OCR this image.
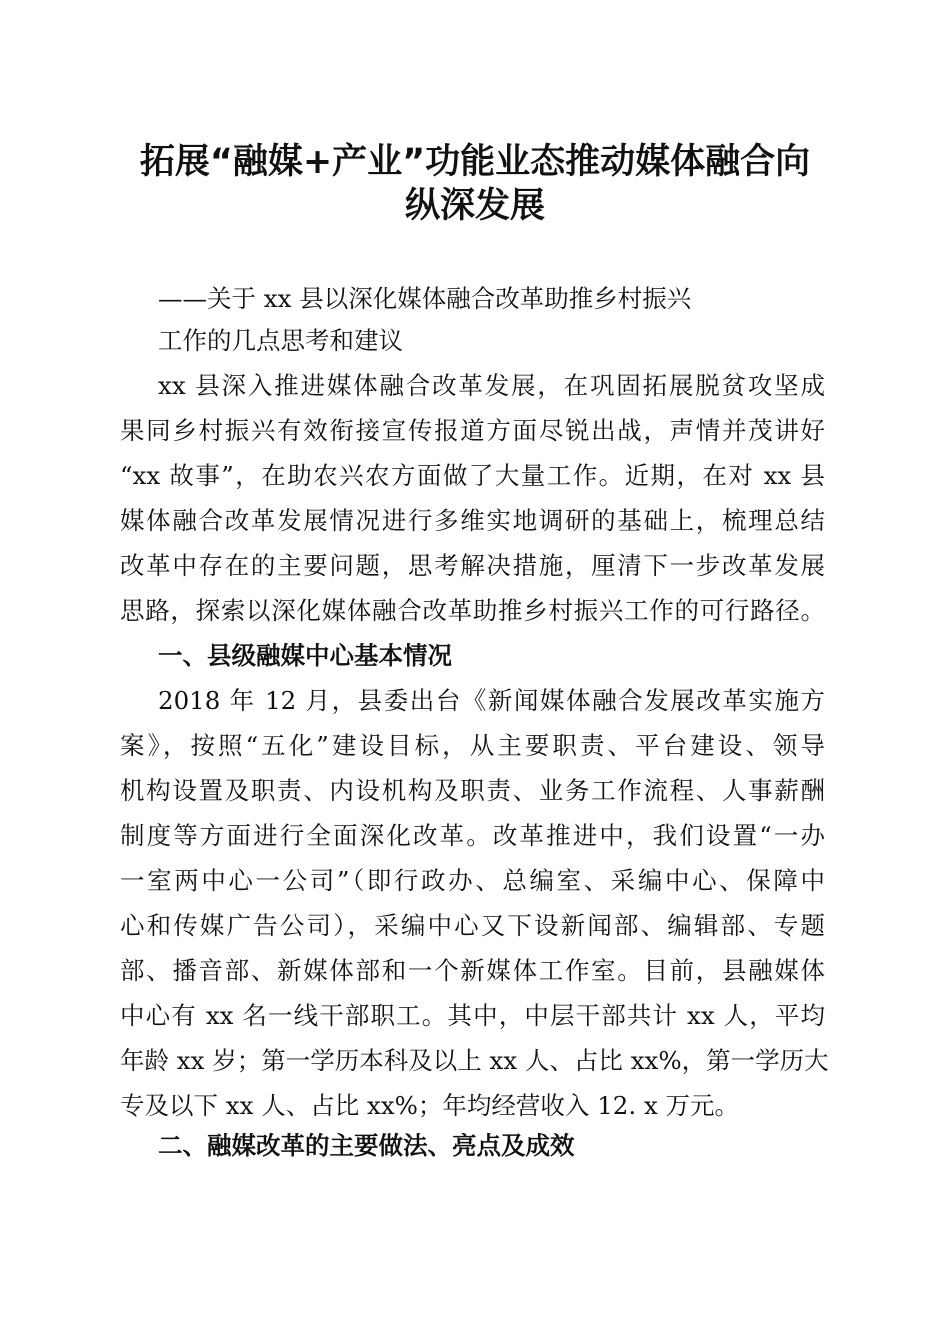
拓展“融媒+产业”功能业态推动媒体融合向
纵深发展
——关于 xx 县以深化媒体融合改革助推乡村振兴
工作的几点思考和建议
xx 县深入推进媒体融合改革发展，在巩固拓展脱贫攻坚成
果同乡村振兴有效衔接宣传报道方面尽锐出战，声情并茂讲好
“xx 故事”，在助农兴农方面做了大量工作。近期，在对 xx 县
媒体融合改革发展情况进行多维实地调研的基础上，梳理总结
改革中存在的主要问题，思考解决措施，厘清下一步改革发展
思路，探索以深化媒体融合改革助推乡村振兴工作的可行路径。
一、县级融媒中心基本情况
2018 年 12 月，县委出台《新闻媒体融合发展改革实施方
案》，按照“五化”建设目标，从主要职责、平台建设、领导
机构设置及职责、内设机构及职责、业务工作流程、人事薪酬
制度等方面进行全面深化改革。改革推进中，我们设置“一办
一室两中心一公司”（即行政办、总编室、采编中心、保障中
心和传媒广告公司），采编中心又下设新闻部、编辑部、专题
部、播音部、新媒体部和一个新媒体工作室。目前，县融媒体
中心有 xx 名一线干部职工。其中，中层干部共计 xx 人，平均
年龄 xx 岁；第一学历本科及以上 xx 人、占比 xx%，第一学历大
专及以下 xx 人、占比 xx%；年均经营收入 12. x 万元。
二、融媒改革的主要做法、亮点及成效
